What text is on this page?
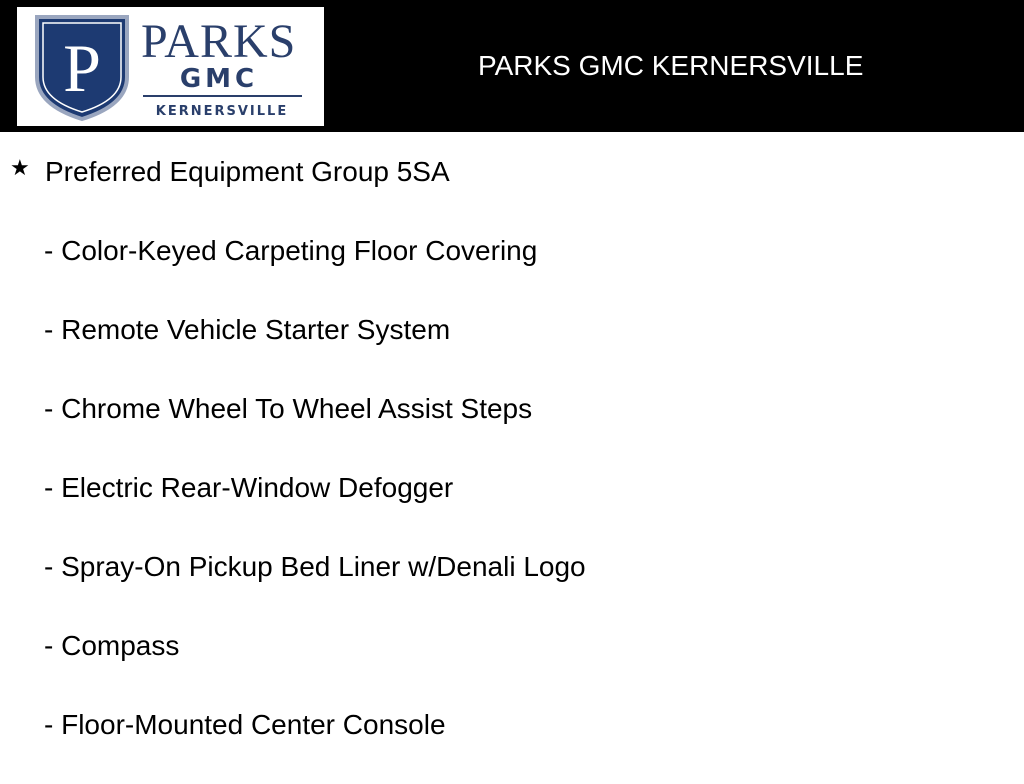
P PARKS
GMC
KERNERSVILLE
PARKS GMC KERNERSVILLE
★ Preferred Equipment Group 5SA
- Color-Keyed Carpeting Floor Covering
- Remote Vehicle Starter System
- Chrome Wheel To Wheel Assist Steps
- Electric Rear-Window Defogger
- Spray-On Pickup Bed Liner w/Denali Logo
- Compass
- Floor-Mounted Center Console
